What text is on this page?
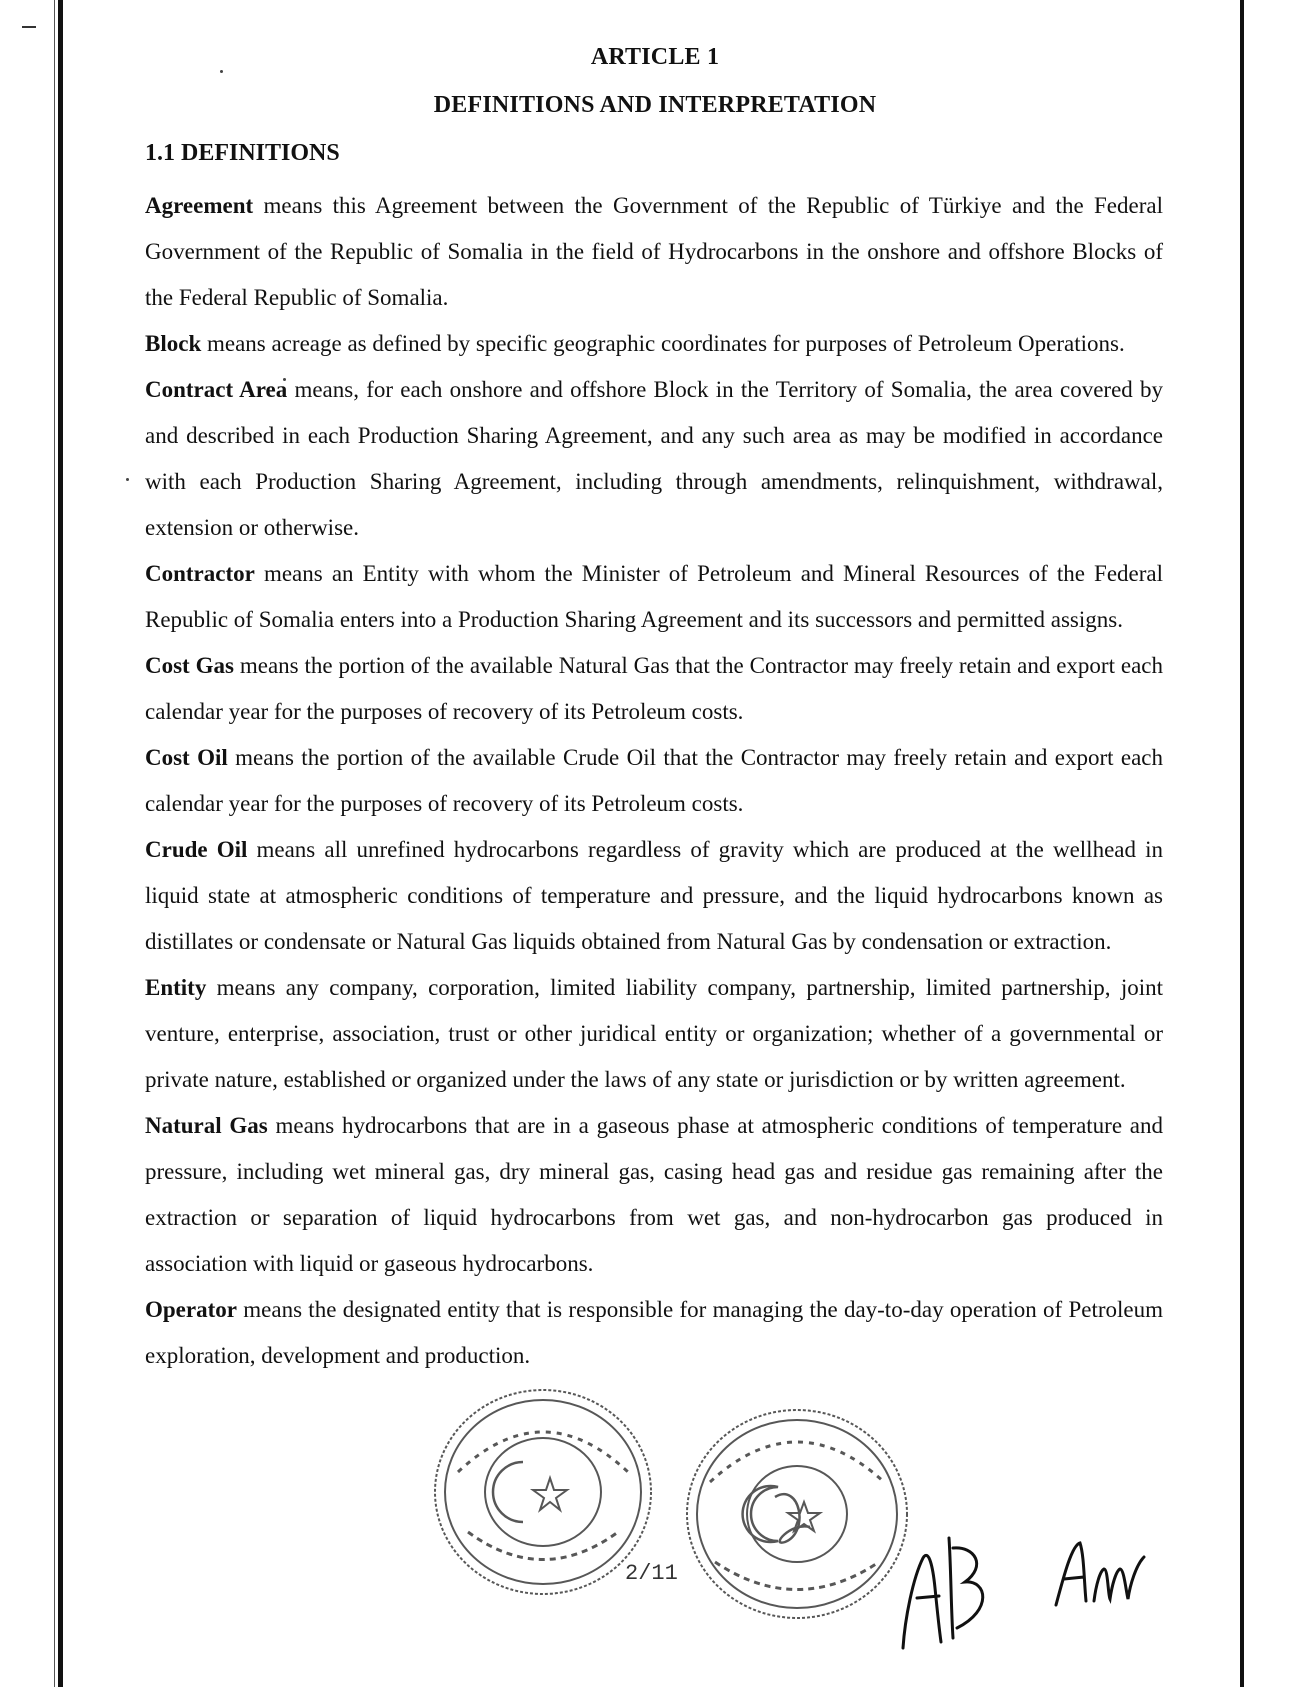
ARTICLE 1
DEFINITIONS AND INTERPRETATION
1.1 DEFINITIONS

Agreement means this Agreement between the Government of the Republic of Türkiye and the Federal Government of the Republic of Somalia in the field of Hydrocarbons in the onshore and offshore Blocks of the Federal Republic of Somalia.

Block means acreage as defined by specific geographic coordinates for purposes of Petroleum Operations.

Contract Area means, for each onshore and offshore Block in the Territory of Somalia, the area covered by and described in each Production Sharing Agreement, and any such area as may be modified in accordance with each Production Sharing Agreement, including through amendments, relinquishment, withdrawal, extension or otherwise.

Contractor means an Entity with whom the Minister of Petroleum and Mineral Resources of the Federal Republic of Somalia enters into a Production Sharing Agreement and its successors and permitted assigns.

Cost Gas means the portion of the available Natural Gas that the Contractor may freely retain and export each calendar year for the purposes of recovery of its Petroleum costs.

Cost Oil means the portion of the available Crude Oil that the Contractor may freely retain and export each calendar year for the purposes of recovery of its Petroleum costs.

Crude Oil means all unrefined hydrocarbons regardless of gravity which are produced at the wellhead in liquid state at atmospheric conditions of temperature and pressure, and the liquid hydrocarbons known as distillates or condensate or Natural Gas liquids obtained from Natural Gas by condensation or extraction.

Entity means any company, corporation, limited liability company, partnership, limited partnership, joint venture, enterprise, association, trust or other juridical entity or organization; whether of a governmental or private nature, established or organized under the laws of any state or jurisdiction or by written agreement.

Natural Gas means hydrocarbons that are in a gaseous phase at atmospheric conditions of temperature and pressure, including wet mineral gas, dry mineral gas, casing head gas and residue gas remaining after the extraction or separation of liquid hydrocarbons from wet gas, and non-hydrocarbon gas produced in association with liquid or gaseous hydrocarbons.

Operator means the designated entity that is responsible for managing the day-to-day operation of Petroleum exploration, development and production.

2/11
